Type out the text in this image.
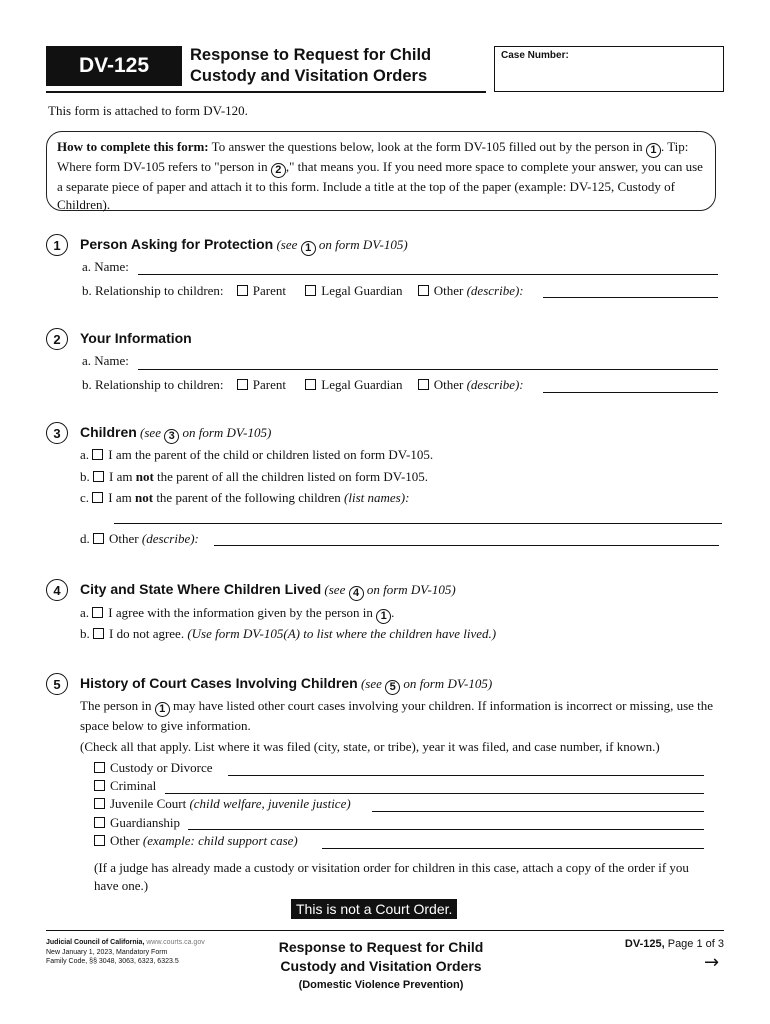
DV-125	Response to Request for Child
Custody and Visitation Orders
Case Number:
This form is attached to form DV-120.
How to complete this form: To answer the questions below, look at the form DV-105 filled out by the person in 1 . Tip: Where form DV-105 refers to "person in 2 ," that means you. If you need more space to complete your answer, you can use a separate piece of paper and attach it to this form. Include a title at the top of the paper (example: DV-125, Custody of Children).
1	Person Asking for Protection (see 1 on form DV-105)
a. Name:
b. Relationship to children: Parent	Legal Guardian Other (describe):
2	Your Information
a. Name:
b. Relationship to children: Parent	Legal Guardian Other (describe):
3	Children (see 3 on form DV-105)
a. I am the parent of the child or children listed on form DV-105.
b. I am not the parent of all the children listed on form DV-105.
c. I am not the parent of the following children (list names):
d. Other (describe):
4	City and State Where Children Lived (see 4 on form DV-105)
a. I agree with the information given by the person in 1 .
b. I do not agree. (Use form DV-105(A) to list where the children have lived.)
5	History of Court Cases Involving Children (see 5 on form DV-105)
The person in 1 may have listed other court cases involving your children. If information is incorrect or missing, use the space below to give information.
(Check all that apply. List where it was filed (city, state, or tribe), year it was filed, and case number, if known.)
Custody or Divorce
Criminal
Juvenile Court (child welfare, juvenile justice)
Guardianship
Other (example: child support case)
(If a judge has already made a custody or visitation order for children in this case, attach a copy of the order if you have one.)
This is not a Court Order.
Judicial Council of California, www.courts.ca.gov
New January 1, 2023, Mandatory Form
Family Code, §§ 3048, 3063, 6323, 6323.5
Response to Request for Child
Custody and Visitation Orders
(Domestic Violence Prevention)
DV-125, Page 1 of 3
→
